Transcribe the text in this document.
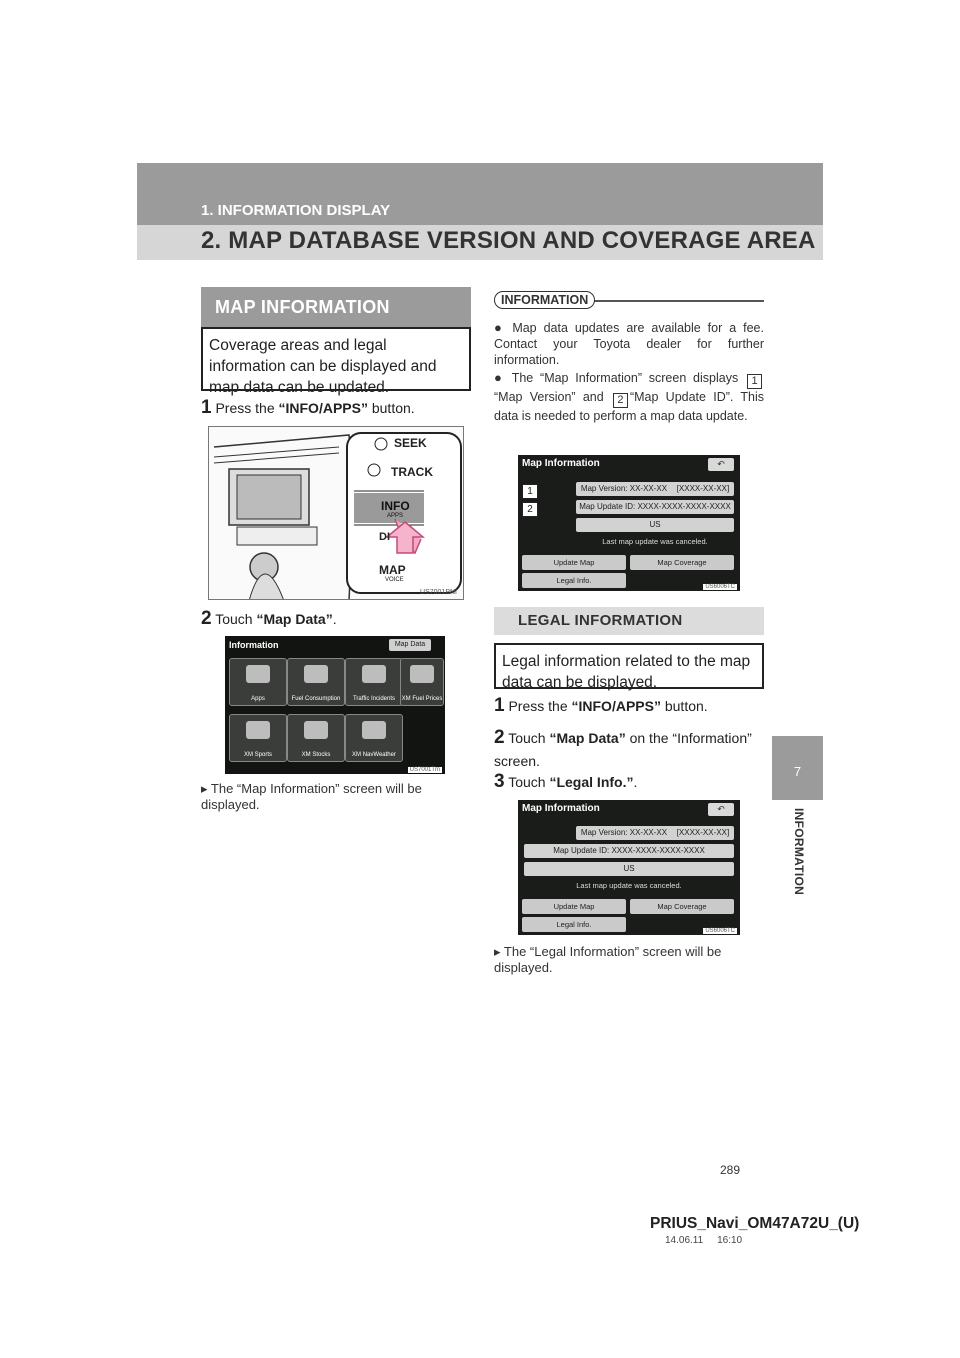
1. INFORMATION DISPLAY
2. MAP DATABASE VERSION AND COVERAGE AREA
7
INFORMATION
MAP INFORMATION
Coverage areas and legal information can be displayed and map data can be updated.
1 Press the “INFO/APPS” button.
SEEK
TRACK
INFO
APPS
DI
MAP
VOICE
US7001PNI
2 Touch “Map Data”.
Information	Map Data
Apps	Fuel Consumption	Traffic Incidents	XM Fuel Prices
XM Sports	XM Stocks	XM NavWeather
US7001Tm
▸ The “Map Information” screen will be displayed.
INFORMATION
● Map data updates are available for a fee. Contact your Toyota dealer for further information.
● The “Map Information” screen displays 1“Map Version” and 2 “Map Update ID”. This data is needed to perform a map data update.
Map Information	↶
Map Version: XX-XX-XX [XXXX-XX-XX]
Map Update ID: XXXX-XXXX-XXXX-XXXX
US
Last map update was canceled.
Update Map	Map Coverage
Legal Info.
1
2
US6006TC
LEGAL INFORMATION
Legal information related to the map data can be displayed.
1 Press the “INFO/APPS” button.
2 Touch “Map Data” on the “Information” screen.
3 Touch “Legal Info.”.
Map Information	↶
Map Version: XX-XX-XX [XXXX-XX-XX]
Map Update ID: XXXX-XXXX-XXXX-XXXX
US
Last map update was canceled.
Update Map	Map Coverage
Legal Info.
US6006TC
▸ The “Legal Information” screen will be displayed.
289
PRIUS_Navi_OM47A72U_(U)
14.06.11     16:10
